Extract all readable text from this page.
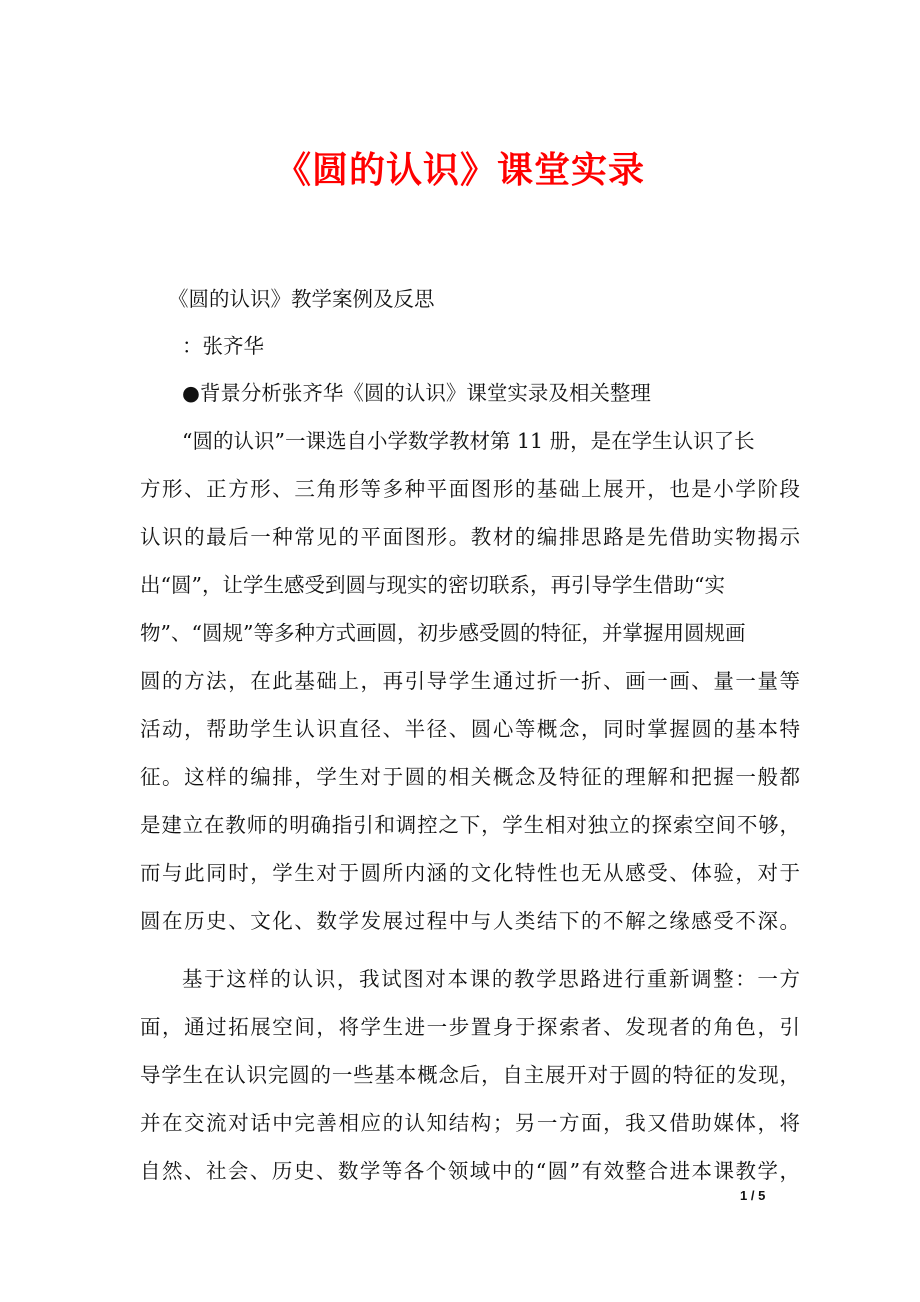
《圆的认识》课堂实录
《圆的认识》教学案例及反思
：张齐华
●背景分析张齐华《圆的认识》课堂实录及相关整理
“圆的认识”一课选自小学数学教材第 11 册，是在学生认识了长
方形、正方形、三角形等多种平面图形的基础上展开，也是小学阶段
认识的最后一种常见的平面图形。教材的编排思路是先借助实物揭示
出“圆”，让学生感受到圆与现实的密切联系，再引导学生借助“实
物”、“圆规”等多种方式画圆，初步感受圆的特征，并掌握用圆规画
圆的方法，在此基础上，再引导学生通过折一折、画一画、量一量等
活动，帮助学生认识直径、半径、圆心等概念，同时掌握圆的基本特
征。这样的编排，学生对于圆的相关概念及特征的理解和把握一般都
是建立在教师的明确指引和调控之下，学生相对独立的探索空间不够，
而与此同时，学生对于圆所内涵的文化特性也无从感受、体验，对于
圆在历史、文化、数学发展过程中与人类结下的不解之缘感受不深。
基于这样的认识，我试图对本课的教学思路进行重新调整：一方
面，通过拓展空间，将学生进一步置身于探索者、发现者的角色，引
导学生在认识完圆的一些基本概念后，自主展开对于圆的特征的发现，
并在交流对话中完善相应的认知结构；另一方面，我又借助媒体，将
自然、社会、历史、数学等各个领域中的“圆”有效整合进本课教学，
1 / 5
